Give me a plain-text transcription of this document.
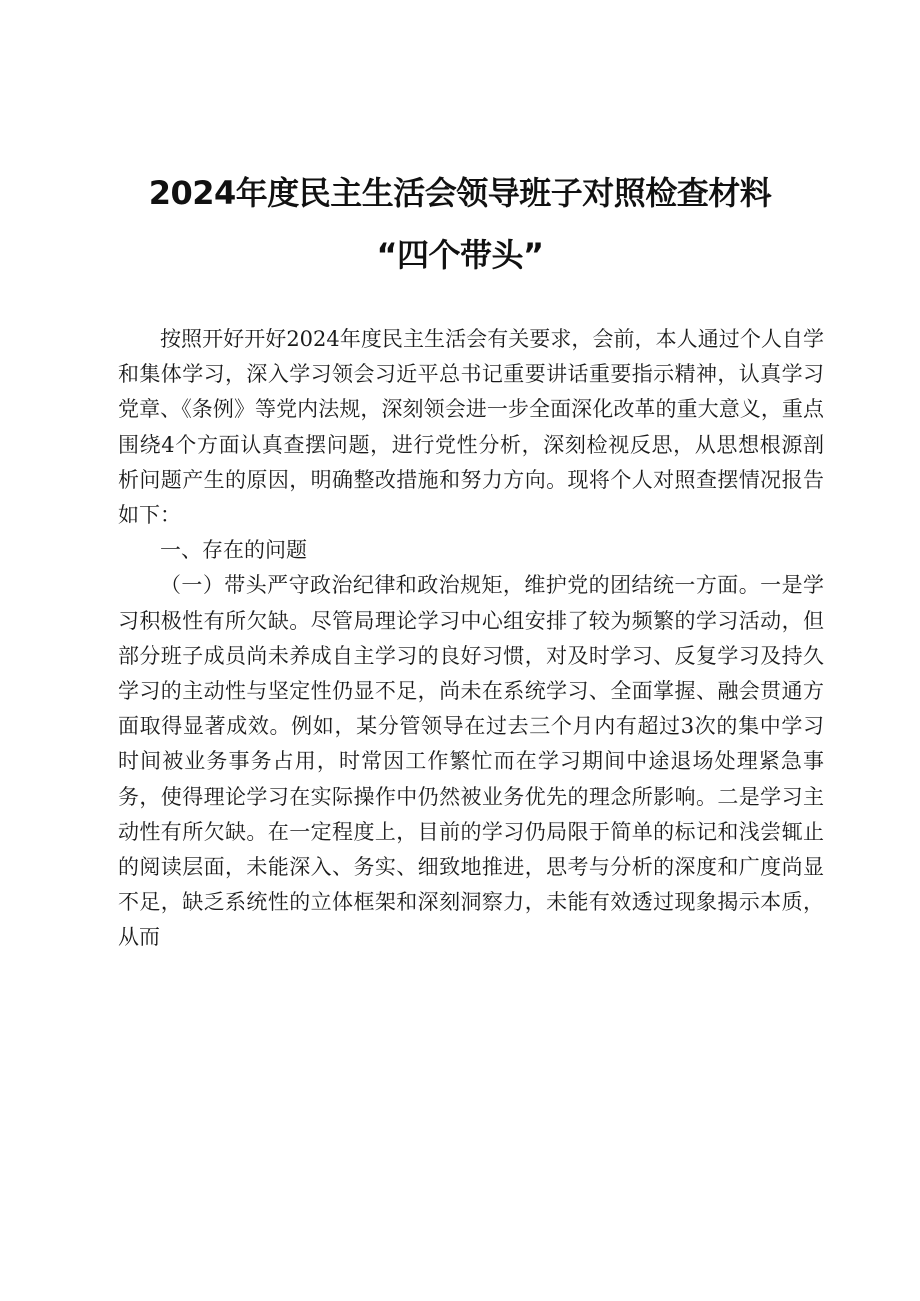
2024年度民主生活会领导班子对照检查材料
“四个带头”

按照开好开好2024年度民主生活会有关要求，会前，本人通过个人自学和集体学习，深入学习领会习近平总书记重要讲话重要指示精神，认真学习党章、《条例》等党内法规，深刻领会进一步全面深化改革的重大意义，重点围绕4个方面认真查摆问题，进行党性分析，深刻检视反思，从思想根源剖析问题产生的原因，明确整改措施和努力方向。现将个人对照查摆情况报告如下：

一、存在的问题

（一）带头严守政治纪律和政治规矩，维护党的团结统一方面。一是学习积极性有所欠缺。尽管局理论学习中心组安排了较为频繁的学习活动，但部分班子成员尚未养成自主学习的良好习惯，对及时学习、反复学习及持久学习的主动性与坚定性仍显不足，尚未在系统学习、全面掌握、融会贯通方面取得显著成效。例如，某分管领导在过去三个月内有超过3次的集中学习时间被业务事务占用，时常因工作繁忙而在学习期间中途退场处理紧急事务，使得理论学习在实际操作中仍然被业务优先的理念所影响。二是学习主动性有所欠缺。在一定程度上，目前的学习仍局限于简单的标记和浅尝辄止的阅读层面，未能深入、务实、细致地推进，思考与分析的深度和广度尚显不足，缺乏系统性的立体框架和深刻洞察力，未能有效透过现象揭示本质，从而
